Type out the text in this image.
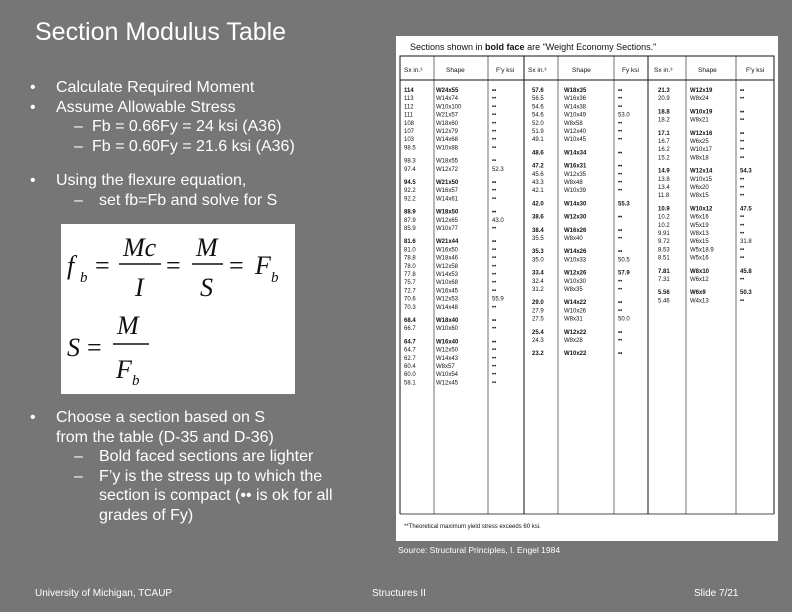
Section Modulus Table
• Calculate Required Moment
• Assume Allowable Stress
– Fb = 0.66Fy = 24 ksi (A36)
– Fb = 0.60Fy = 21.6 ksi (A36)
• Using the flexure equation,
– set fb=Fb and solve for S
f b =
Mc
I
=
M
S
= F b
S =
M
F b
• Choose a section based on S
from the table (D-35 and D-36)
– Bold faced sections are lighter
– F’y is the stress up to which the
section is compact (•• is ok for all
grades of Fy)
Sections shown in bold face are "Weight Economy Sections."
Sx in.³	Shape	F'y ksi Sx in.³	Shape	Fy ksi Sx in.³	Shape	F'y ksi
114	W24x55	••
113	W14x74	••
112	W10x100	••
111	W21x57	••
108	W18x60	••
107	W12x79	••
103	W14x68	••
98.5	W10x88	••
98.3	W18x55	••
97.4	W12x72	52.3
94.5	W21x50	••
92.2	W16x57	••
92.2	W14x61	••
88.9	W18x50	••
87.9	W12x65	43.0
85.9	W10x77	••
81.6	W21x44	••
81.0	W16x50	••
78.8	W18x46	••
78.0	W12x58	••
77.8	W14x53	••
75.7	W10x68	••
72.7	W16x45	••
70.6	W12x53	55.9
70.3	W14x48	••
68.4	W18x40	••
66.7	W10x60	••
64.7	W16x40	••
64.7	W12x50	••
62.7	W14x43	••
60.4	W8x57	••
60.0	W10x54	••
58.1	W12x45	••
57.6	W18x35	••
56.5	W16x36	••
54.6	W14x38	••
54.6	W10x49	53.0
52.0	W8x58	••
51.9	W12x40	••
49.1	W10x45	••
48.6	W14x34	••
47.2	W16x31	••
45.6	W12x35	••
43.3	W8x48	••
42.1	W10x39	••
42.0	W14x30	55.3
38.6	W12x30	••
38.4	W16x26	••
35.5	W8x40	••
35.3	W14x26	••
35.0	W10x33	50.5
33.4	W12x26	57.9
32.4	W10x30	••
31.2	W8x35	••
29.0	W14x22	••
27.9	W10x26	••
27.5	W8x31	50.0
25.4	W12x22	••
24.3	W8x28	••
23.2	W10x22	••
21.3	W12x19	••
20.9	W8x24	••
18.8	W10x19	••
18.2	W8x21	••
17.1	W12x16	••
16.7	W6x25	••
16.2	W10x17	••
15.2	W8x18	••
14.9	W12x14	54.3
13.8	W10x15	••
13.4	W6x20	••
11.8	W8x15	••
10.9	W10x12	47.5
10.2	W6x16	••
10.2	W5x19	••
9.91	W8x13	••
9.72	W6x15	31.8
8.53	W5x18.9	••
8.51	W5x16	••
7.81	W8x10	45.8
7.31	W6x12	••
5.56	W6x9	50.3
5.46	W4x13	••
**Theoretical maximum yield stress exceeds 60 ksi.
Source: Structural Principles, I. Engel 1984
University of Michigan, TCAUP	Structures II	Slide 7/21
